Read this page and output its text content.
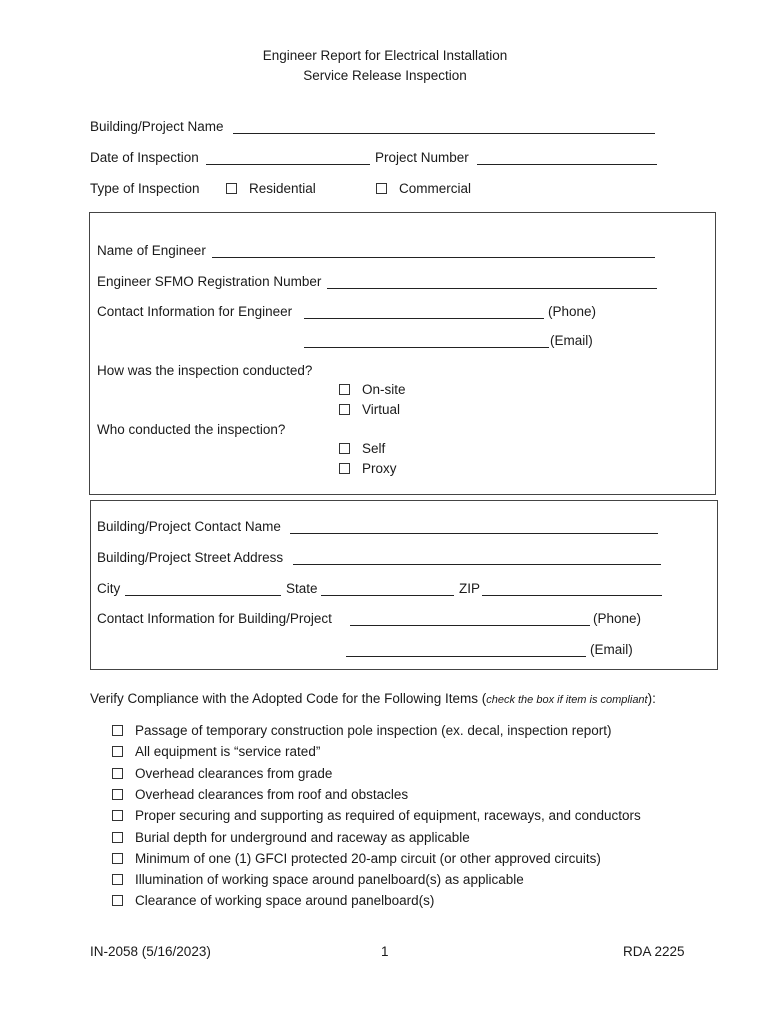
Engineer Report for Electrical Installation
Service Release Inspection
Building/Project Name
Date of Inspection	Project Number
Type of Inspection	Residential	Commercial
Name of Engineer
Engineer SFMO Registration Number
Contact Information for Engineer	(Phone)
(Email)
How was the inspection conducted?
On-site
Virtual
Who conducted the inspection?
Self
Proxy
Building/Project Contact Name
Building/Project Street Address
City	State	ZIP
Contact Information for Building/Project	(Phone)
(Email)
Verify Compliance with the Adopted Code for the Following Items (check the box if item is compliant):
Passage of temporary construction pole inspection (ex. decal, inspection report)
All equipment is “service rated”
Overhead clearances from grade
Overhead clearances from roof and obstacles
Proper securing and supporting as required of equipment, raceways, and conductors
Burial depth for underground and raceway as applicable
Minimum of one (1) GFCI protected 20-amp circuit (or other approved circuits)
Illumination of working space around panelboard(s) as applicable
Clearance of working space around panelboard(s)
IN-2058 (5/16/2023)	1	RDA 2225
